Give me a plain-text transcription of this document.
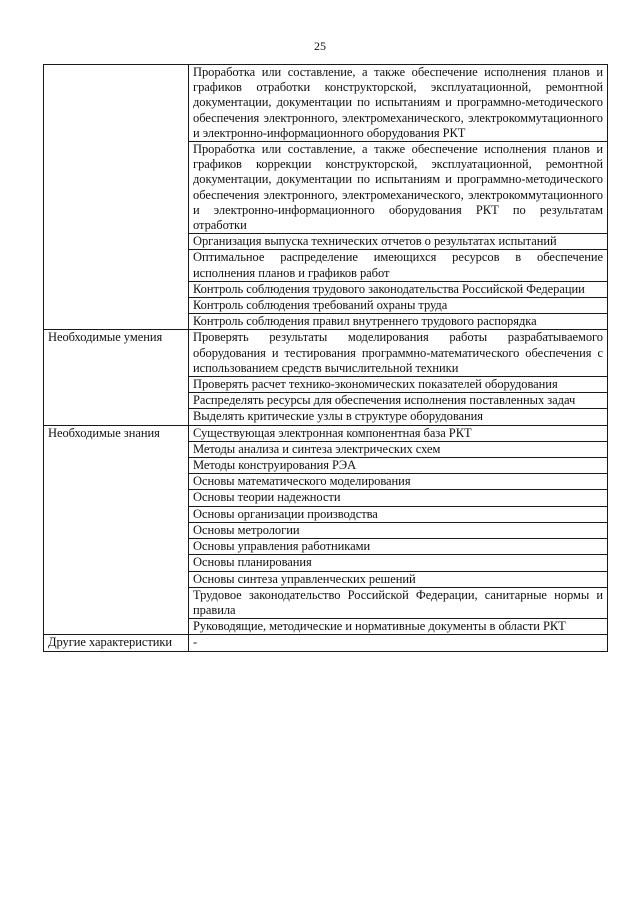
25
	Проработка или составление, а также обеспечение исполнения планов и графиков отработки конструкторской, эксплуатационной, ремонтной документации, документации по испытаниям и программно-методического обеспечения электронного, электромеханического, электрокоммутационного и электронно-информационного оборудования РКТ
	Проработка или составление, а также обеспечение исполнения планов и графиков коррекции конструкторской, эксплуатационной, ремонтной документации, документации по испытаниям и программно-методического обеспечения электронного, электромеханического, электрокоммутационного и электронно-информационного оборудования РКТ по результатам отработки
	Организация выпуска технических отчетов о результатах испытаний
	Оптимальное распределение имеющихся ресурсов в обеспечение исполнения планов и графиков работ
	Контроль соблюдения трудового законодательства Российской Федерации
	Контроль соблюдения требований охраны труда
	Контроль соблюдения правил внутреннего трудового распорядка
Необходимые умения	Проверять результаты моделирования работы разрабатываемого оборудования и тестирования программно-математического обеспечения с использованием средств вычислительной техники
	Проверять расчет технико-экономических показателей оборудования
	Распределять ресурсы для обеспечения исполнения поставленных задач
	Выделять критические узлы в структуре оборудования
Необходимые знания	Существующая электронная компонентная база РКТ
	Методы анализа и синтеза электрических схем
	Методы конструирования РЭА
	Основы математического моделирования
	Основы теории надежности
	Основы организации производства
	Основы метрологии
	Основы управления работниками
	Основы планирования
	Основы синтеза управленческих решений
	Трудовое законодательство Российской Федерации, санитарные нормы и правила
	Руководящие, методические и нормативные документы в области РКТ
Другие характеристики	-
